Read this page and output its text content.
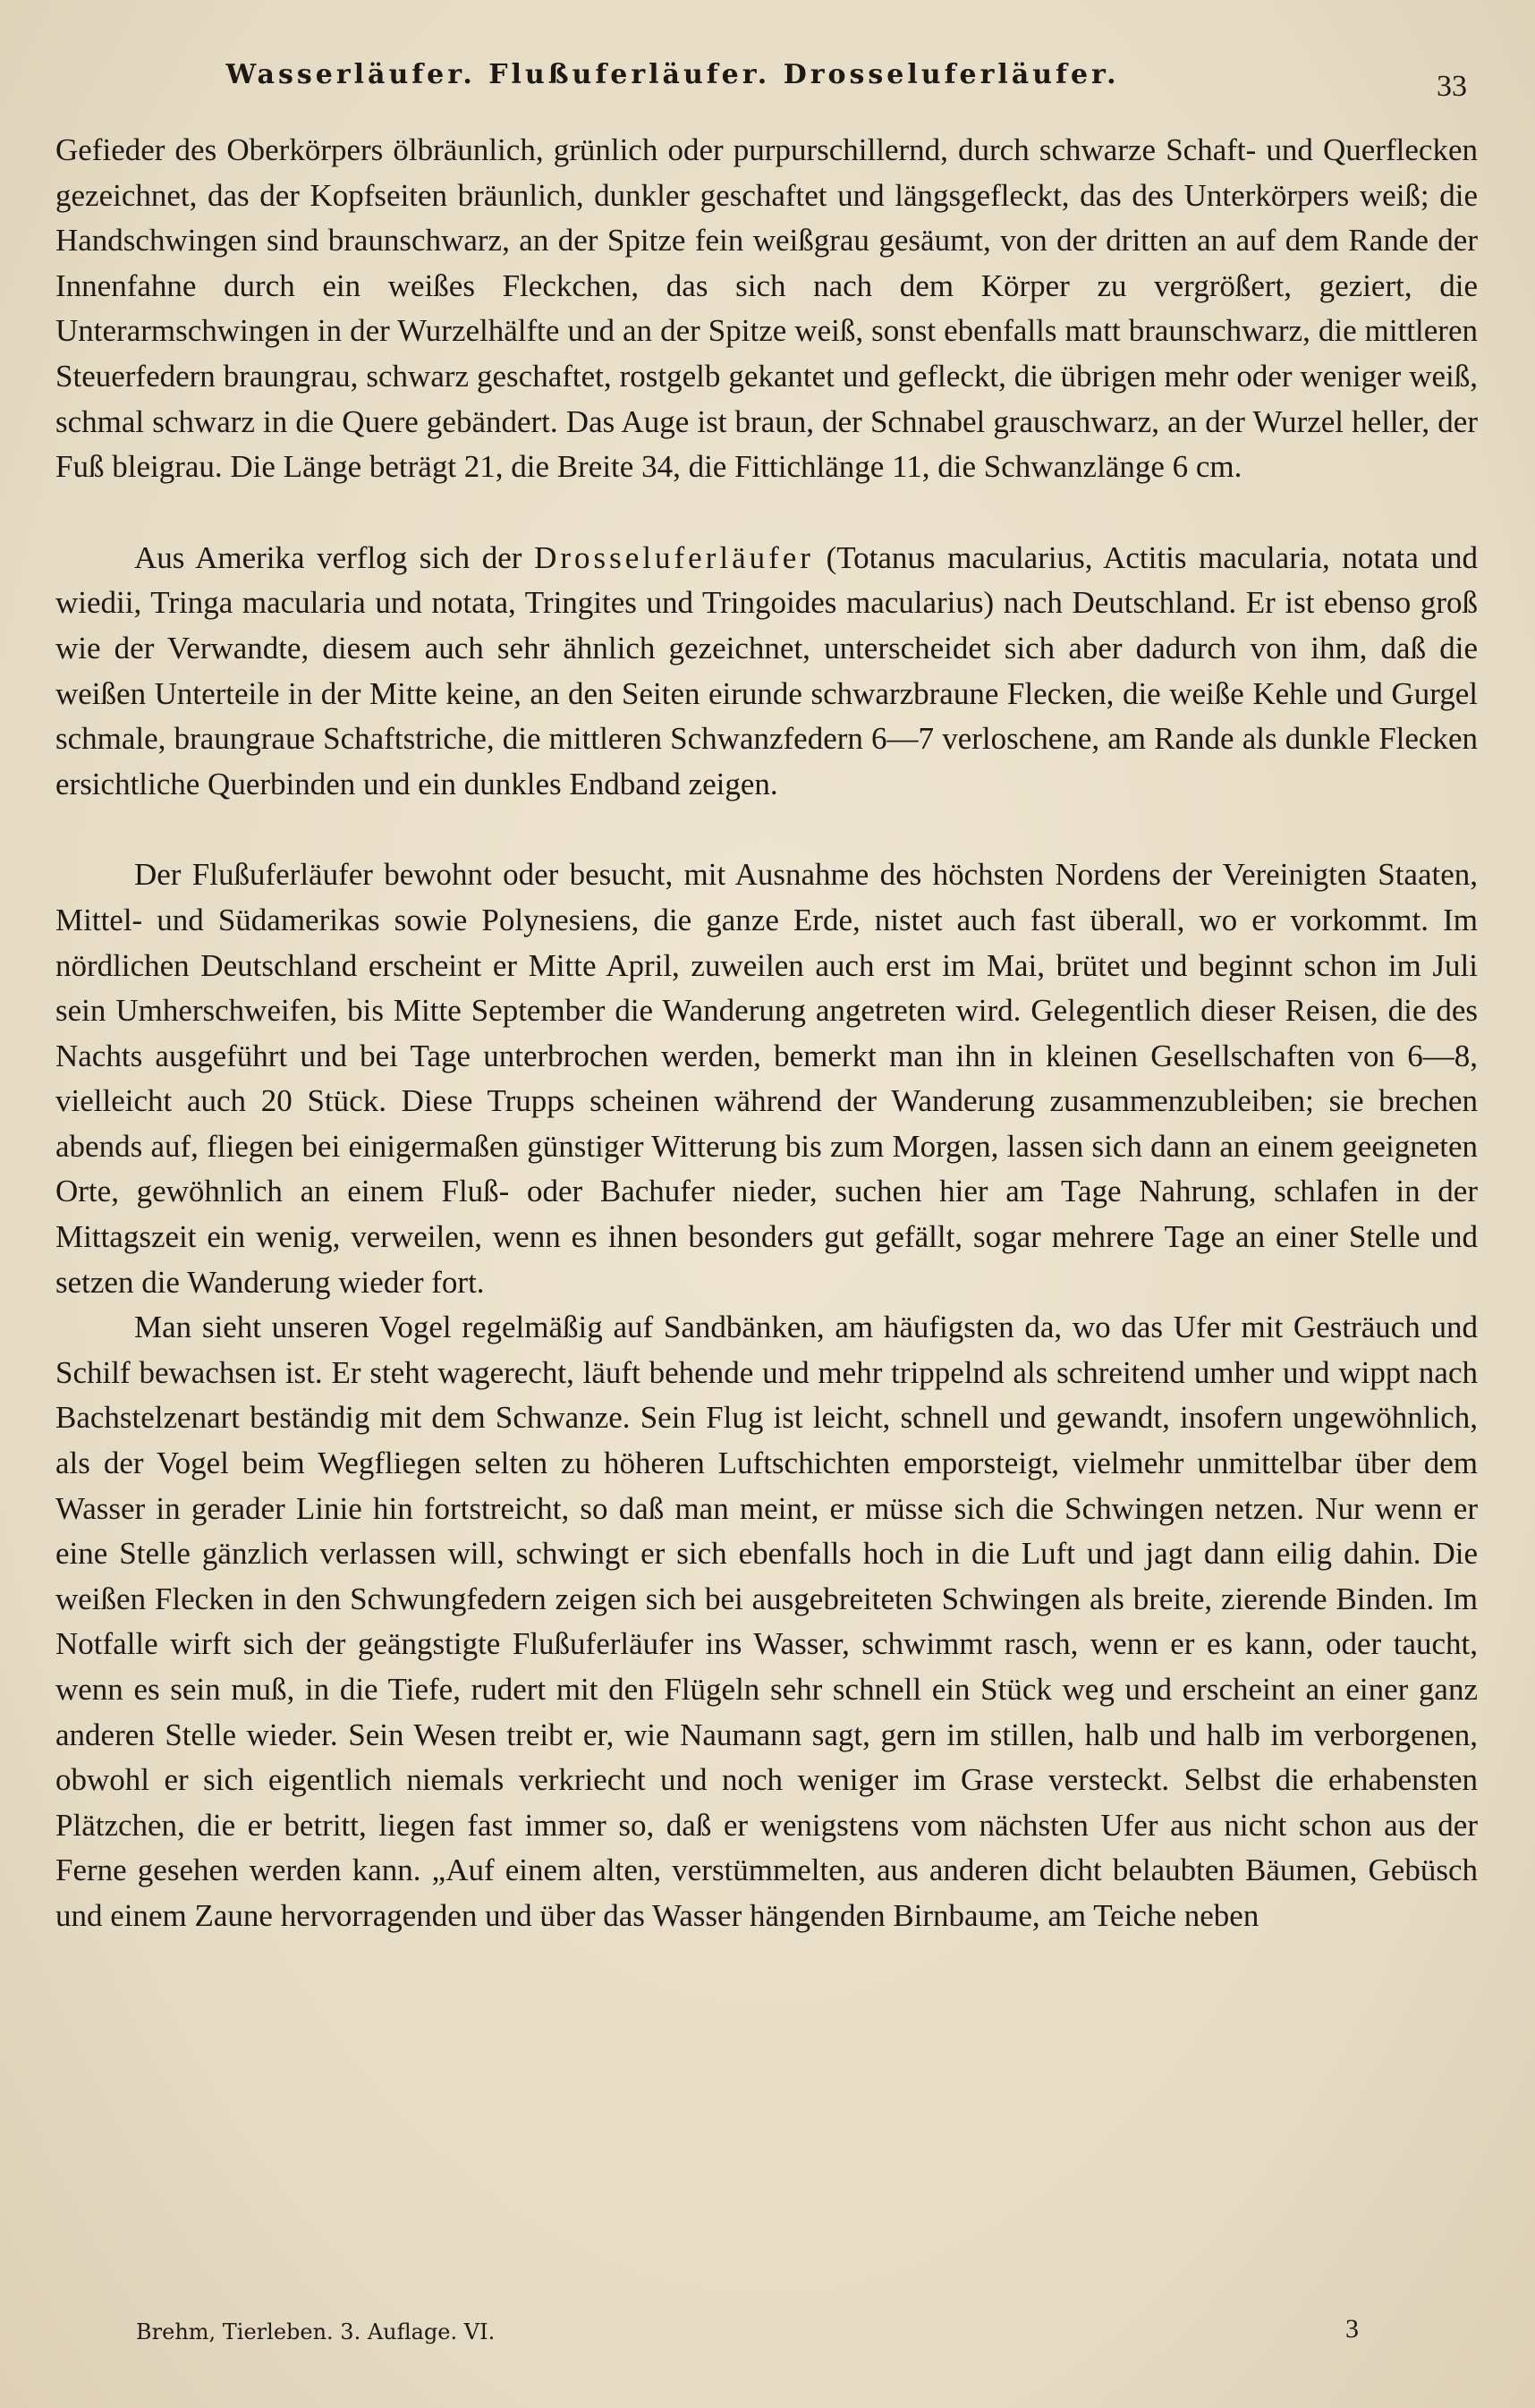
Wasserläufer. Flußuferläufer. Drosseluferläufer.	33

Gefieder des Oberkörpers ölbräunlich, grünlich oder purpurschillernd, durch schwarze Schaft- und Querflecken gezeichnet, das der Kopfseiten bräunlich, dunkler geschaftet und längsgefleckt, das des Unterkörpers weiß; die Handschwingen sind braunschwarz, an der Spitze fein weißgrau gesäumt, von der dritten an auf dem Rande der Innenfahne durch ein weißes Fleckchen, das sich nach dem Körper zu vergrößert, geziert, die Unterarmschwingen in der Wurzelhälfte und an der Spitze weiß, sonst ebenfalls matt braunschwarz, die mittleren Steuerfedern braungrau, schwarz geschaftet, rostgelb gekantet und gefleckt, die übrigen mehr oder weniger weiß, schmal schwarz in die Quere gebändert. Das Auge ist braun, der Schnabel grauschwarz, an der Wurzel heller, der Fuß bleigrau. Die Länge beträgt 21, die Breite 34, die Fittichlänge 11, die Schwanzlänge 6 cm.

Aus Amerika verflog sich der Drosseluferläufer (Totanus macularius, Actitis macularia, notata und wiedii, Tringa macularia und notata, Tringites und Tringoides macularius) nach Deutschland. Er ist ebenso groß wie der Verwandte, diesem auch sehr ähnlich gezeichnet, unterscheidet sich aber dadurch von ihm, daß die weißen Unterteile in der Mitte keine, an den Seiten eirunde schwarzbraune Flecken, die weiße Kehle und Gurgel schmale, braungraue Schaftstriche, die mittleren Schwanzfedern 6—7 verloschene, am Rande als dunkle Flecken ersichtliche Querbinden und ein dunkles Endband zeigen.

Der Flußuferläufer bewohnt oder besucht, mit Ausnahme des höchsten Nordens der Vereinigten Staaten, Mittel- und Südamerikas sowie Polynesiens, die ganze Erde, nistet auch fast überall, wo er vorkommt. Im nördlichen Deutschland erscheint er Mitte April, zuweilen auch erst im Mai, brütet und beginnt schon im Juli sein Umherschweifen, bis Mitte September die Wanderung angetreten wird. Gelegentlich dieser Reisen, die des Nachts ausgeführt und bei Tage unterbrochen werden, bemerkt man ihn in kleinen Gesellschaften von 6—8, vielleicht auch 20 Stück. Diese Trupps scheinen während der Wanderung zusammenzubleiben; sie brechen abends auf, fliegen bei einigermaßen günstiger Witterung bis zum Morgen, lassen sich dann an einem geeigneten Orte, gewöhnlich an einem Fluß- oder Bachufer nieder, suchen hier am Tage Nahrung, schlafen in der Mittagszeit ein wenig, verweilen, wenn es ihnen besonders gut gefällt, sogar mehrere Tage an einer Stelle und setzen die Wanderung wieder fort.

Man sieht unseren Vogel regelmäßig auf Sandbänken, am häufigsten da, wo das Ufer mit Gesträuch und Schilf bewachsen ist. Er steht wagerecht, läuft behende und mehr trippelnd als schreitend umher und wippt nach Bachstelzenart beständig mit dem Schwanze. Sein Flug ist leicht, schnell und gewandt, insofern ungewöhnlich, als der Vogel beim Wegfliegen selten zu höheren Luftschichten emporsteigt, vielmehr unmittelbar über dem Wasser in gerader Linie hin fortstreicht, so daß man meint, er müsse sich die Schwingen netzen. Nur wenn er eine Stelle gänzlich verlassen will, schwingt er sich ebenfalls hoch in die Luft und jagt dann eilig dahin. Die weißen Flecken in den Schwungfedern zeigen sich bei ausgebreiteten Schwingen als breite, zierende Binden. Im Notfalle wirft sich der geängstigte Flußuferläufer ins Wasser, schwimmt rasch, wenn er es kann, oder taucht, wenn es sein muß, in die Tiefe, rudert mit den Flügeln sehr schnell ein Stück weg und erscheint an einer ganz anderen Stelle wieder. Sein Wesen treibt er, wie Naumann sagt, gern im stillen, halb und halb im verborgenen, obwohl er sich eigentlich niemals verkriecht und noch weniger im Grase versteckt. Selbst die erhabensten Plätzchen, die er betritt, liegen fast immer so, daß er wenigstens vom nächsten Ufer aus nicht schon aus der Ferne gesehen werden kann. „Auf einem alten, verstümmelten, aus anderen dicht belaubten Bäumen, Gebüsch und einem Zaune hervorragenden und über das Wasser hängenden Birnbaume, am Teiche neben

Brehm, Tierleben. 3. Auflage. VI.	3
